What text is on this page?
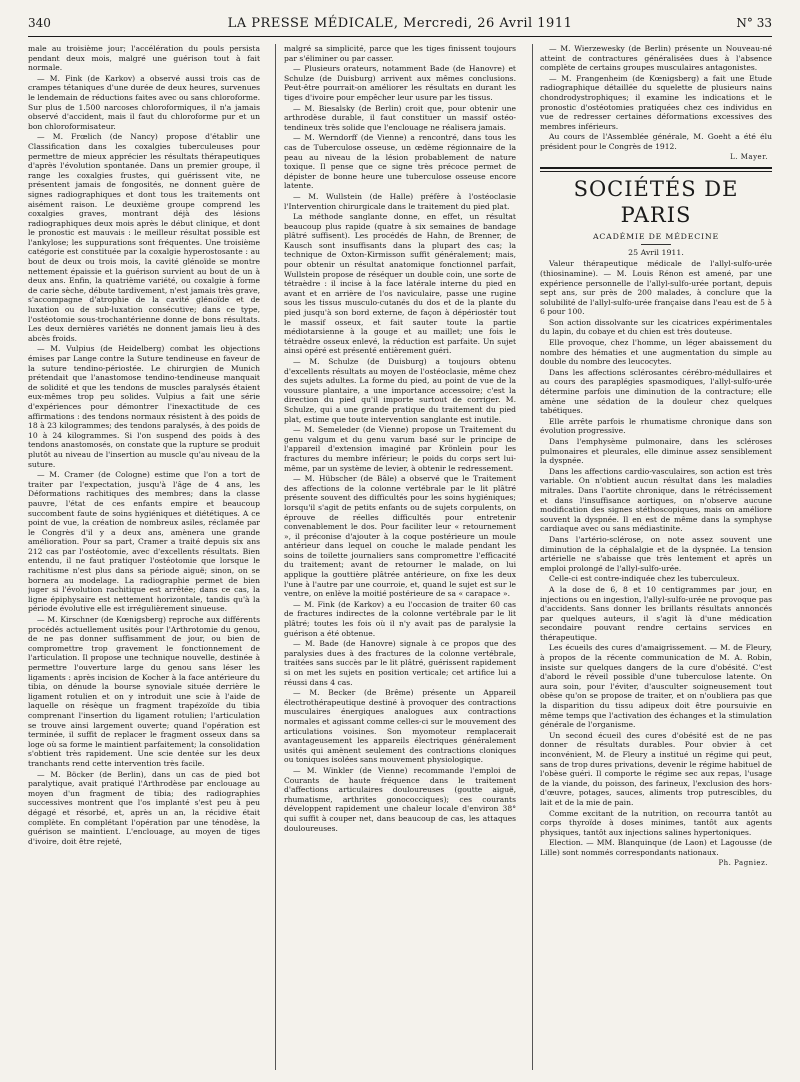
340	LA PRESSE MÉDICALE, Mercredi, 26 Avril 1911	N° 33

male au troisième jour; l'accélération du pouls persista pendant deux mois, malgré une guérison tout à fait normale.

— M. Fink (de Karkov) a observé aussi trois cas de crampes tétaniques d'une durée de deux heures, survenues le lendemain de réductions faites avec ou sans chloroforme. Sur plus de 1.500 narcoses chloroformiques, il n'a jamais observé d'accident, mais il faut du chloroforme pur et un bon chloroformisateur.

— M. Frœlich (de Nancy) propose d'établir une Classification dans les coxalgies tuberculeuses pour permettre de mieux apprécier les résultats thérapeutiques d'après l'évolution spontanée. Dans un premier groupe, il range les coxalgies frustes, qui guérissent vite, ne présentent jamais de fongosités, ne donnent guère de signes radiographiques et dont tous les traitements ont aisément raison. Le deuxième groupe comprend les coxalgies graves, montrant déjà des lésions radiographiques deux mois après le début clinique, et dont le pronostic est mauvais : le meilleur résultat possible est l'ankylose; les suppurations sont fréquentes. Une troisième catégorie est constituée par la coxalgie hyperostosante : au bout de deux ou trois mois, la cavité glénoïde se montre nettement épaissie et la guérison survient au bout de un à deux ans. Enfin, la quatrième variété, ou coxalgie à forme de carie sèche, débute tardivement, n'est jamais très grave, s'accompagne d'atrophie de la cavité glénoïde et de luxation ou de sub-luxation consécutive; dans ce type, l'ostéotomie sous-trochantérienne donne de bons résultats. Les deux dernières variétés ne donnent jamais lieu à des abcès froids.

— M. Vulpius (de Heidelberg) combat les objections émises par Lange contre la Suture tendineuse en faveur de la suture tendino-périostée. Le chirurgien de Munich prétendait que l'anastomose tendino-tendineuse manquait de solidité et que les tendons de muscles paralysés étaient eux-mêmes trop peu solides. Vulpius a fait une série d'expériences pour démontrer l'inexactitude de ces affirmations : des tendons normaux résistent à des poids de 18 à 23 kilogrammes; des tendons paralysés, à des poids de 10 à 24 kilogrammes. Si l'on suspend des poids à des tendons anastomosés, on constate que la rupture se produit plutôt au niveau de l'insertion au muscle qu'au niveau de la suture.

— M. Cramer (de Cologne) estime que l'on a tort de traiter par l'expectation, jusqu'à l'âge de 4 ans, les Déformations rachitiques des membres; dans la classe pauvre, l'état de ces enfants empire et beaucoup succombent faute de soins hygiéniques et diététiques. A ce point de vue, la création de nombreux asiles, réclamée par le Congrès d'il y a deux ans, amènera une grande amélioration. Pour sa part, Cramer a traité depuis six ans 212 cas par l'ostéotomie, avec d'excellents résultats. Bien entendu, il ne faut pratiquer l'ostéotomie que lorsque le rachitisme n'est plus dans sa période aiguë; sinon, on se bornera au modelage. La radiographie permet de bien juger si l'évolution rachitique est arrêtée; dans ce cas, la ligne épiphysaire est nettement horizontale, tandis qu'à la période évolutive elle est irrégulièrement sinueuse.

— M. Kirschner (de Kœnigsberg) reproche aux différents procédés actuellement usités pour l'Arthrotomie du genou, de ne pas donner suffisamment de jour, ou bien de compromettre trop gravement le fonctionnement de l'articulation. Il propose une technique nouvelle, destinée à permettre l'ouverture large du genou sans léser les ligaments : après incision de Kocher à la face antérieure du tibia, on dénude la bourse synoviale située derrière le ligament rotulien et on y introduit une scie à l'aide de laquelle on résèque un fragment trapézoïde du tibia comprenant l'insertion du ligament rotulien; l'articulation se trouve ainsi largement ouverte; quand l'opération est terminée, il suffit de replacer le fragment osseux dans sa loge où sa forme le maintient parfaitement; la consolidation s'obtient très rapidement. Une scie dentée sur les deux tranchants rend cette intervention très facile.

— M. Böcker (de Berlin), dans un cas de pied bot paralytique, avait pratiqué l'Arthrodèse par enclouage au moyen d'un fragment de tibia; des radiographies successives montrent que l'os implanté s'est peu à peu dégagé et résorbé, et, après un an, la récidive était complète. En complétant l'opération par une ténodèse, la guérison se maintient. L'enclouage, au moyen de tiges d'ivoire, doit être rejeté,

malgré sa simplicité, parce que les tiges finissent toujours par s'éliminer ou par casser.

— Plusieurs orateurs, notamment Bade (de Hanovre) et Schulze (de Duisburg) arrivent aux mêmes conclusions. Peut-être pourrait-on améliorer les résultats en durant les tiges d'ivoire pour empêcher leur usure par les tissus.

— M. Biesalsky (de Berlin) croit que, pour obtenir une arthrodèse durable, il faut constituer un massif ostéo-tendineux très solide que l'enclouage ne réalisera jamais.

— M. Werndorff (de Vienne) a rencontré, dans tous les cas de Tuberculose osseuse, un œdème régionnaire de la peau au niveau de la lésion probablement de nature toxique. Il pense que ce signe très précoce permet de dépister de bonne heure une tuberculose osseuse encore latente.

— M. Wullstein (de Halle) préfère à l'ostéoclasie l'Intervention chirurgicale dans le traitement du pied plat.

La méthode sanglante donne, en effet, un résultat beaucoup plus rapide (quatre à six semaines de bandage plâtré suffisent). Les procédés de Hahn, de Brenner, de Kausch sont insuffisants dans la plupart des cas; la technique de Oxton-Kirmisson suffit généralement; mais, pour obtenir un résultat anatomique fonctionnel parfait, Wullstein propose de réséquer un double coin, une sorte de tétraèdre : il incise à la face latérale interne du pied en avant et en arrière de l'os naviculaire, passe une rugine sous les tissus musculo-cutanés du dos et de la plante du pied jusqu'à son bord externe, de façon à dépériostér tout le massif osseux, et fait sauter toute la partie médiotarsienne à la gouge et au maillet; une fois le tétraèdre osseux enlevé, la réduction est parfaite. Un sujet ainsi opéré est présenté entièrement guéri.

— M. Schulze (de Duisburg) a toujours obtenu d'excellents résultats au moyen de l'ostéoclasie, même chez des sujets adultes. La forme du pied, au point de vue de la voussure plantaire, a une importance accessoire; c'est la direction du pied qu'il importe surtout de corriger. M. Schulze, qui a une grande pratique du traitement du pied plat, estime que toute intervention sanglante est inutile.

— M. Semeleder (de Vienne) propose un Traitement du genu valgum et du genu varum basé sur le principe de l'appareil d'extension imaginé par Krönlein pour les fractures du membre inférieur; le poids du corps sert lui-même, par un système de levier, à obtenir le redressement.

— M. Hübscher (de Bâle) a observé que le Traitement des affections de la colonne vertébrale par le lit plâtré présente souvent des difficultés pour les soins hygiéniques; lorsqu'il s'agit de petits enfants ou de sujets corpulents, on éprouve de réelles difficultés pour entretenir convenablement le dos. Pour faciliter leur « retournement », il préconise d'ajouter à la coque postérieure un moule antérieur dans lequel on couche le malade pendant les soins de toilette journaliers sans compromettre l'efficacité du traitement; avant de retourner le malade, on lui applique la gouttière plâtrée antérieure, on fixe les deux l'une à l'autre par une courroie, et, quand le sujet est sur le ventre, on enlève la moitié postérieure de sa « carapace ».

— M. Fink (de Karkov) a eu l'occasion de traiter 60 cas de fractures indirectes de la colonne vertébrale par le lit plâtré; toutes les fois où il n'y avait pas de paralysie la guérison a été obtenue.

— M. Bade (de Hanovre) signale à ce propos que des paralysies dues à des fractures de la colonne vertébrale, traitées sans succès par le lit plâtré, guérissent rapidement si on met les sujets en position verticale; cet artifice lui a réussi dans 4 cas.

— M. Becker (de Brême) présente un Appareil électrothérapeutique destiné à provoquer des contractions musculaires énergiques analogues aux contractions normales et agissant comme celles-ci sur le mouvement des articulations voisines. Son myomoteur remplacerait avantageusement les appareils électriques généralement usités qui amènent seulement des contractions cloniques ou toniques isolées sans mouvement physiologique.

— M. Winkler (de Vienne) recommande l'emploi de Courants de haute fréquence dans le traitement d'affections articulaires douloureuses (goutte aiguë, rhumatisme, arthrites gonococciques); ces courants développent rapidement une chaleur locale d'environ 38° qui suffit à couper net, dans beaucoup de cas, les attaques douloureuses.

— M. Wierzewesky (de Berlin) présente un Nouveau-né atteint de contractures généralisées dues à l'absence complète de certains groupes musculaires antagonistes.

— M. Frangenheim (de Kœnigsberg) a fait une Etude radiographique détaillée du squelette de plusieurs nains chondrodystrophiques; il examine les indications et le pronostic d'ostéotomies pratiquées chez ces individus en vue de redresser certaines déformations excessives des membres inférieurs.

Au cours de l'Assemblée générale, M. Goeht a été élu président pour le Congrès de 1912.

L. Mayer.
SOCIÉTÉS DE PARIS
ACADÉMIE DE MÉDECINE
25 Avril 1911.

Valeur thérapeutique médicale de l'allyl-sulfo-urée (thiosinamine). — M. Louis Rénon est amené, par une expérience personnelle de l'allyl-sulfo-urée portant, depuis sept ans, sur près de 200 malades, à conclure que la solubilité de l'allyl-sulfo-urée française dans l'eau est de 5 à 6 pour 100.

Son action dissolvante sur les cicatrices expérimentales du lapin, du cobaye et du chien est très douteuse.

Elle provoque, chez l'homme, un léger abaissement du nombre des hématies et une augmentation du simple au double du nombre des leucocytes.

Dans les affections sclérosantes cérébro-médullaires et au cours des paraplégies spasmodiques, l'allyl-sulfo-urée détermine parfois une diminution de la contracture; elle amène une sédation de la douleur chez quelques tabétiques.

Elle arrête parfois le rhumatisme chronique dans son évolution progressive.

Dans l'emphysème pulmonaire, dans les scléroses pulmonaires et pleurales, elle diminue assez sensiblement la dyspnée.

Dans les affections cardio-vasculaires, son action est très variable. On n'obtient aucun résultat dans les maladies mitrales. Dans l'aortite chronique, dans le rétrécissement et dans l'insuffisance aortiques, on n'observe aucune modification des signes stéthoscopiques, mais on améliore souvent la dyspnée. Il en est de même dans la symphyse cardiaque avec ou sans médiastinite.

Dans l'artério-sclérose, on note assez souvent une diminution de la céphalalgie et de la dyspnée. La tension artérielle ne s'abaisse que très lentement et après un emploi prolongé de l'allyl-sulfo-urée.

Celle-ci est contre-indiquée chez les tuberculeux.

A la dose de 6, 8 et 10 centigrammes par jour, en injections ou en ingestion, l'allyl-sulfo-urée ne provoque pas d'accidents. Sans donner les brillants résultats annoncés par quelques auteurs, il s'agit là d'une médication secondaire pouvant rendre certains services en thérapeutique.

Les écueils des cures d'amaigrissement. — M. de Fleury, à propos de la récente communication de M. A. Robin, insiste sur quelques dangers de la cure d'obésité. C'est d'abord le réveil possible d'une tuberculose latente. On aura soin, pour l'éviter, d'ausculter soigneusement tout obèse qu'on se propose de traiter, et on n'oubliera pas que la disparition du tissu adipeux doit être poursuivie en même temps que l'activation des échanges et la stimulation générale de l'organisme.

Un second écueil des cures d'obésité est de ne pas donner de résultats durables. Pour obvier à cet inconvénient, M. de Fleury a institué un régime qui peut, sans de trop dures privations, devenir le régime habituel de l'obèse guéri. Il comporte le régime sec aux repas, l'usage de la viande, du poisson, des farineux, l'exclusion des hors-d'œuvre, potages, sauces, aliments trop putrescibles, du lait et de la mie de pain.

Comme excitant de la nutrition, on recourra tantôt au corps thyroïde à doses minimes, tantôt aux agents physiques, tantôt aux injections salines hypertoniques.

Election. — MM. Blanquinque (de Laon) et Lagousse (de Lille) sont nommés correspondants nationaux.

Ph. Pagniez.
